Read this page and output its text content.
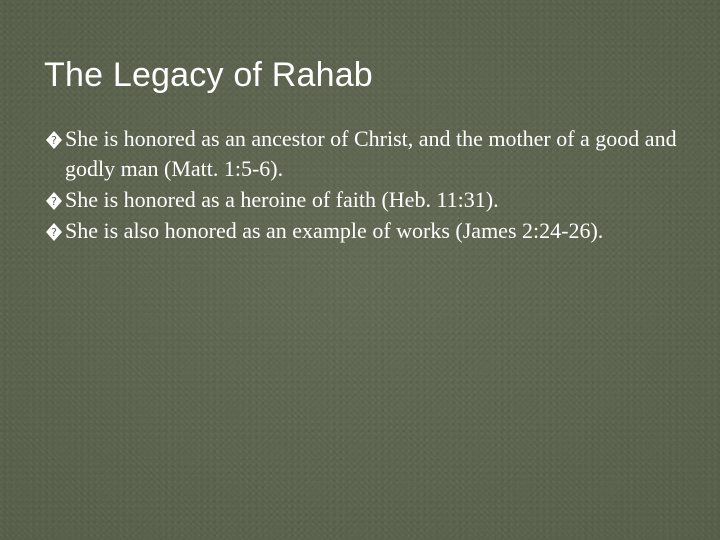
The Legacy of Rahab
? She is honored as an ancestor of Christ, and the mother of a good and godly man (Matt. 1:5-6).
? She is honored as a heroine of faith (Heb. 11:31).
? She is also honored as an example of works (James 2:24-26).
